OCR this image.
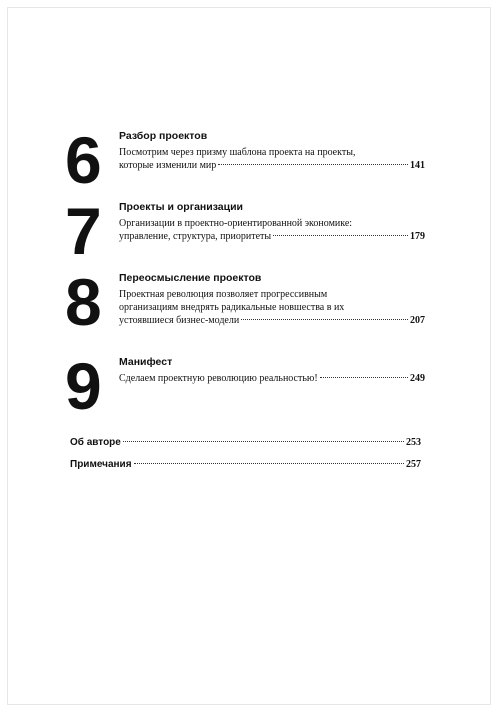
6 Разбор проектов
Посмотрим через призму шаблона проекта на проекты,
которые изменили мир	141
7 Проекты и организации
Организации в проектно-ориентированной экономике:
управление, структура, приоритеты	179
8 Переосмысление проектов
Проектная революция позволяет прогрессивным
организациям внедрять радикальные новшества в их
устоявшиеся бизнес-модели	207
9 Манифест
Сделаем проектную революцию реальностью!	249
Об авторе	253
Примечания	257
